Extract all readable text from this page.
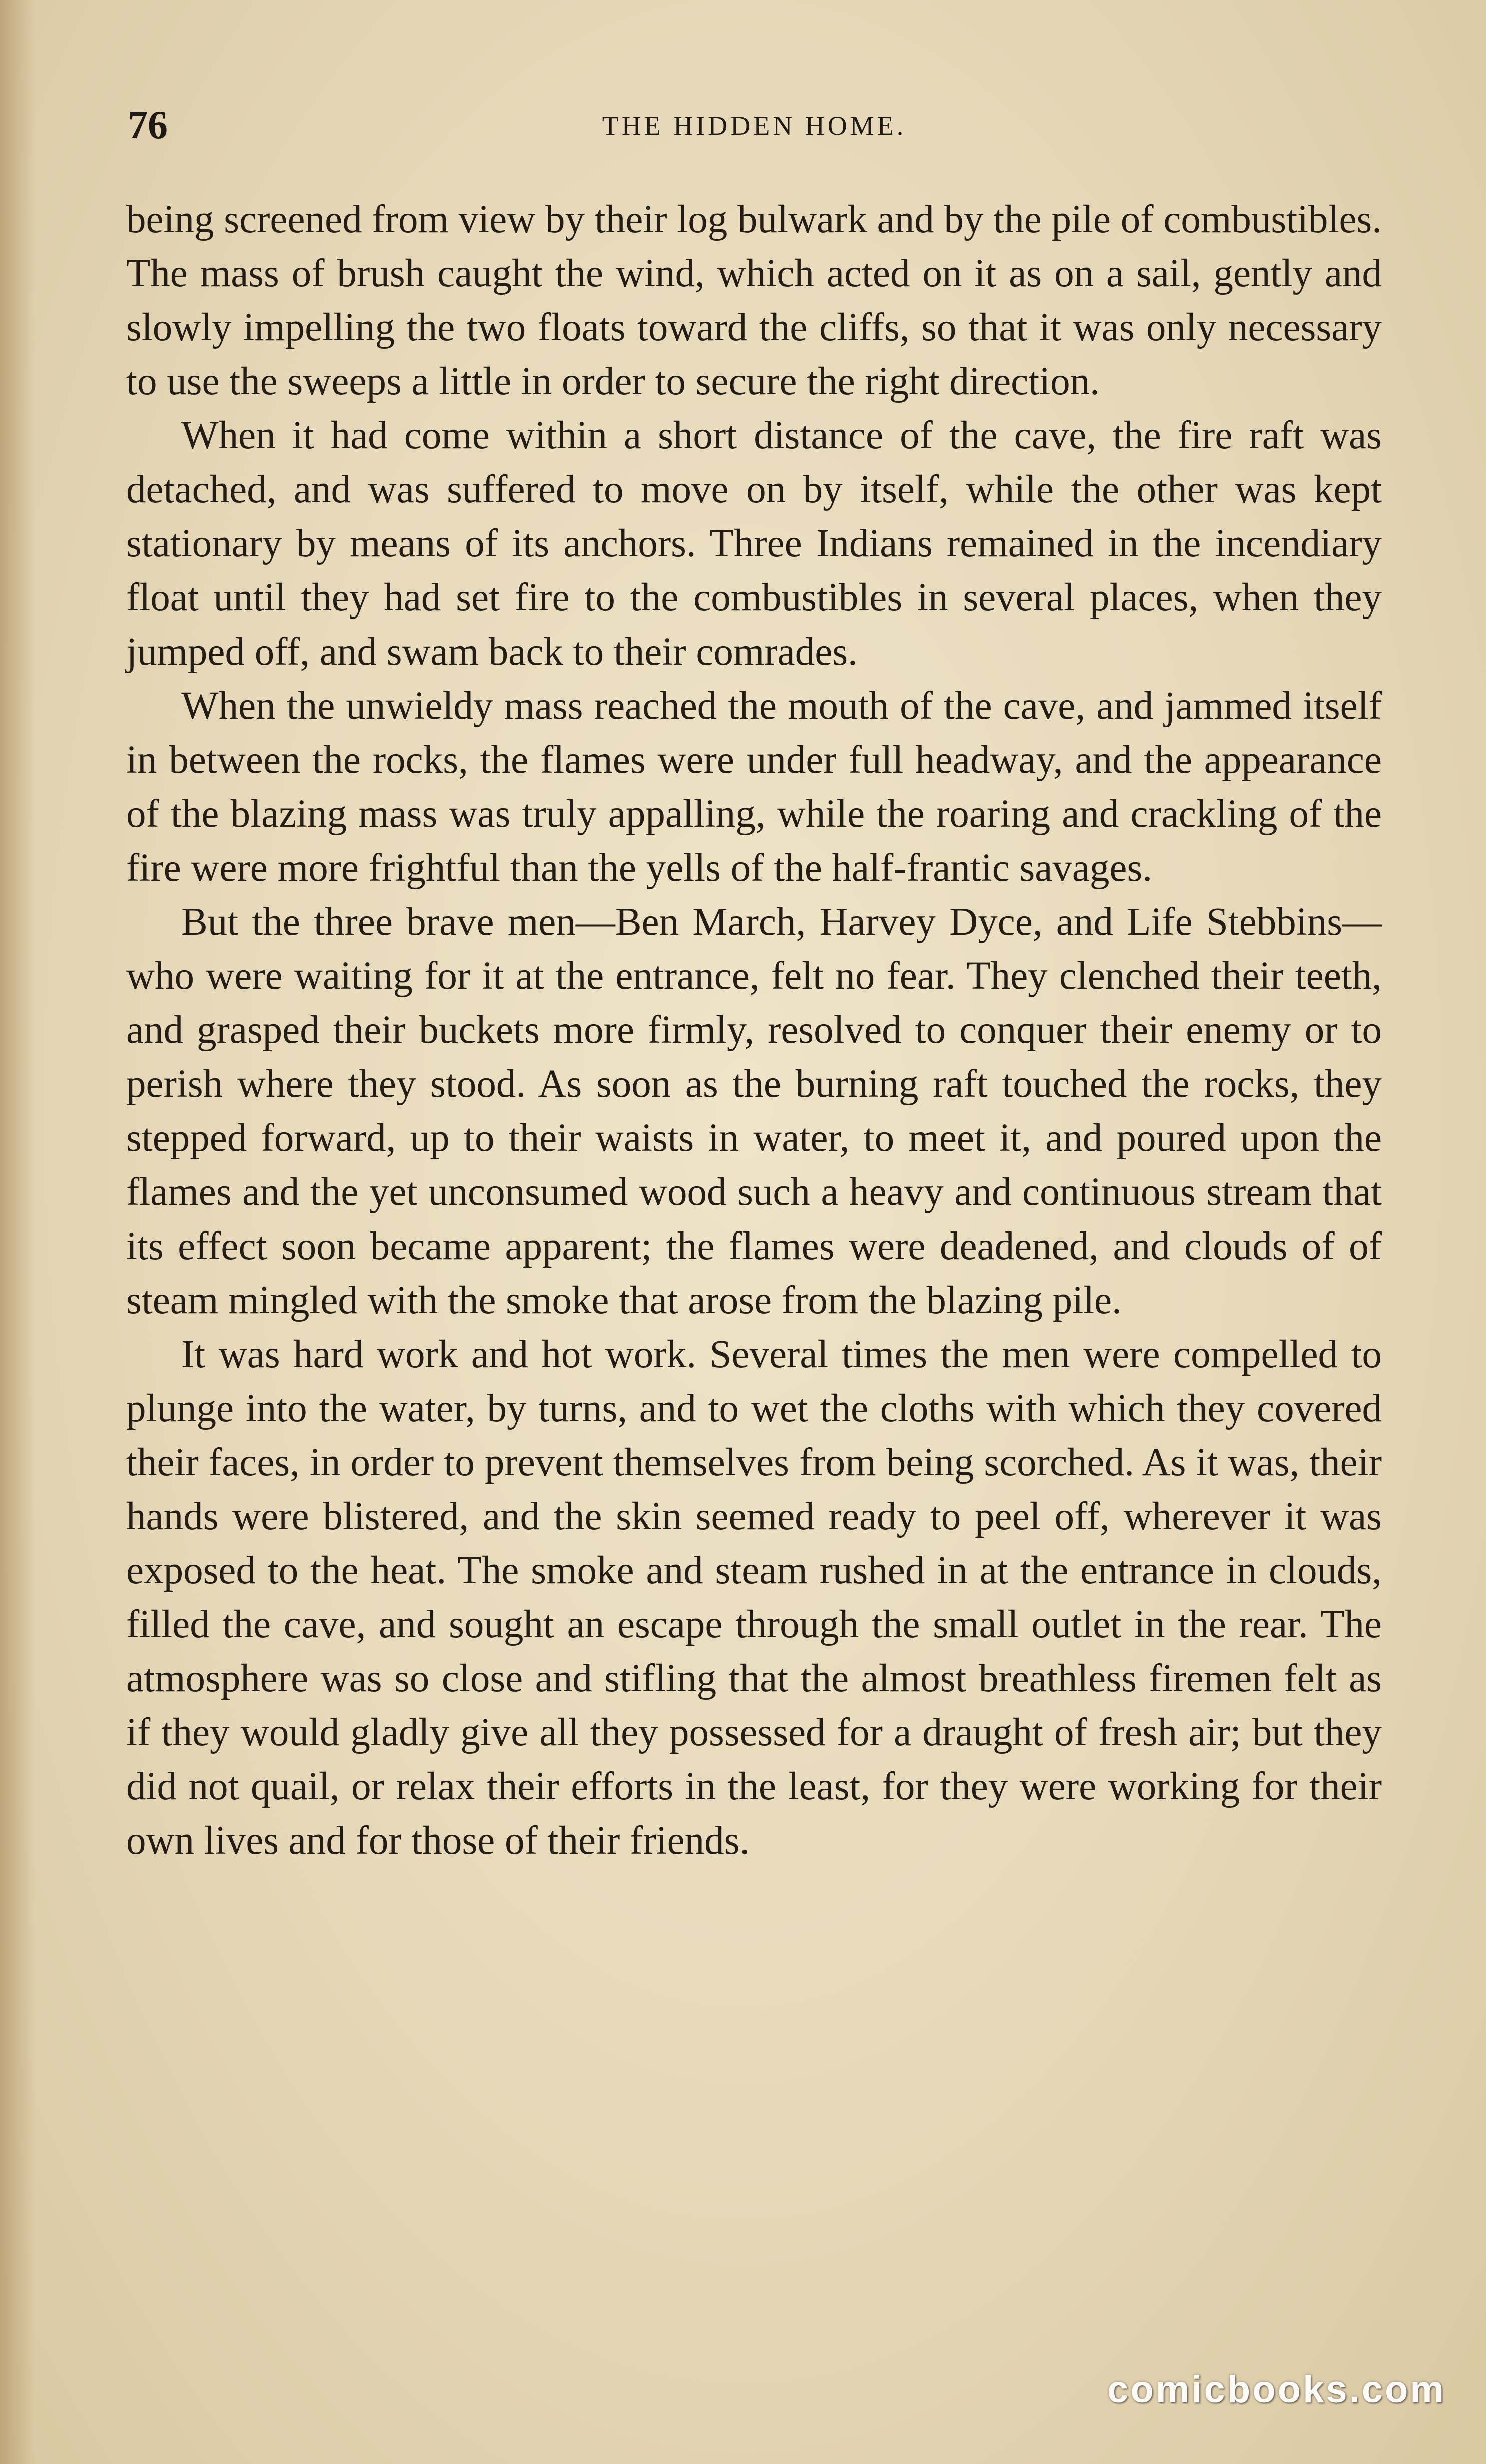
76	THE HIDDEN HOME.

being screened from view by their log bulwark and by the pile of combustibles. The mass of brush caught the wind, which acted on it as on a sail, gently and slowly impelling the two floats toward the cliffs, so that it was only necessary to use the sweeps a little in order to secure the right direction.

When it had come within a short distance of the cave, the fire raft was detached, and was suffered to move on by itself, while the other was kept stationary by means of its anchors. Three Indians remained in the incendiary float until they had set fire to the combustibles in several places, when they jumped off, and swam back to their comrades.

When the unwieldy mass reached the mouth of the cave, and jammed itself in between the rocks, the flames were under full headway, and the appearance of the blazing mass was truly appalling, while the roaring and crackling of the fire were more frightful than the yells of the half-frantic savages.

But the three brave men—Ben March, Harvey Dyce, and Life Stebbins—who were waiting for it at the entrance, felt no fear. They clenched their teeth, and grasped their buckets more firmly, resolved to conquer their enemy or to perish where they stood. As soon as the burning raft touched the rocks, they stepped forward, up to their waists in water, to meet it, and poured upon the flames and the yet unconsumed wood such a heavy and continuous stream that its effect soon became apparent; the flames were deadened, and clouds of of steam mingled with the smoke that arose from the blazing pile.

It was hard work and hot work. Several times the men were compelled to plunge into the water, by turns, and to wet the cloths with which they covered their faces, in order to prevent themselves from being scorched. As it was, their hands were blistered, and the skin seemed ready to peel off, wherever it was exposed to the heat. The smoke and steam rushed in at the entrance in clouds, filled the cave, and sought an escape through the small outlet in the rear. The atmosphere was so close and stifling that the almost breathless firemen felt as if they would gladly give all they possessed for a draught of fresh air; but they did not quail, or relax their efforts in the least, for they were working for their own lives and for those of their friends.

comicbooks.com
